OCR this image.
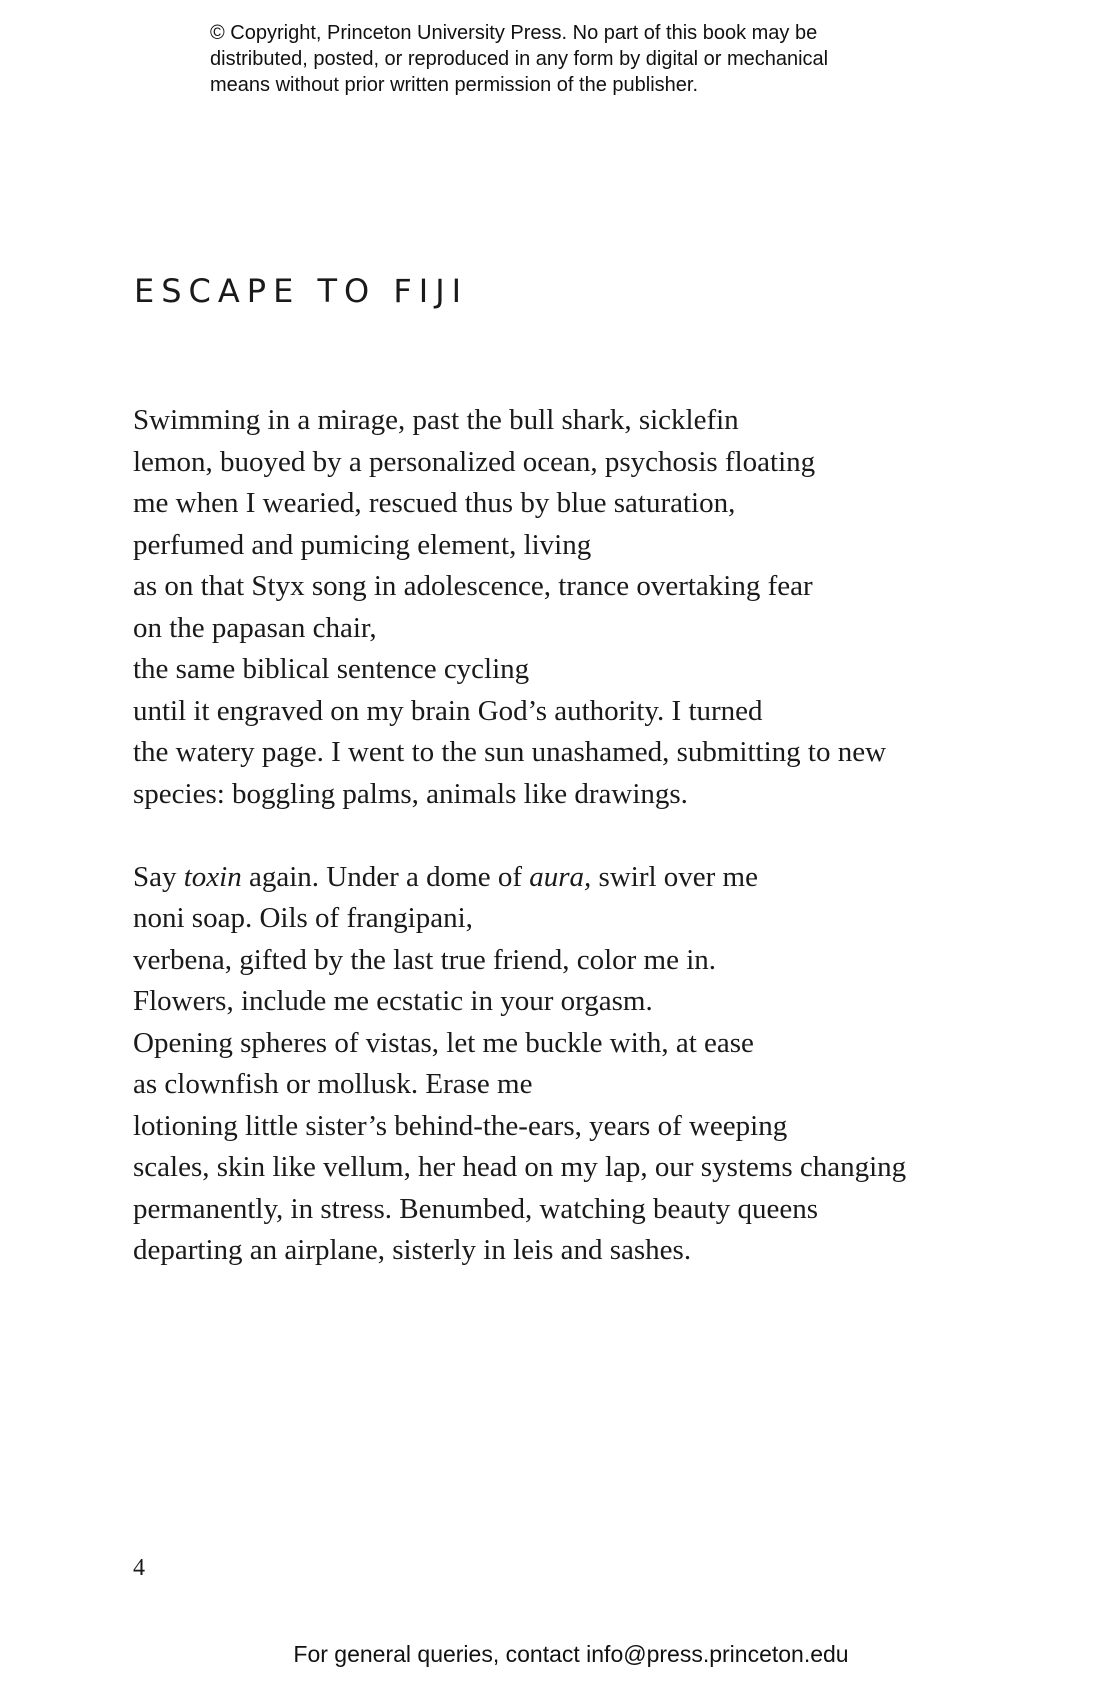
© Copyright, Princeton University Press. No part of this book may be
distributed, posted, or reproduced in any form by digital or mechanical
means without prior written permission of the publisher.
ESCAPE TO FIJI
Swimming in a mirage, past the bull shark, sicklefin
lemon, buoyed by a personalized ocean, psychosis floating
me when I wearied, rescued thus by blue saturation,
perfumed and pumicing element, living
as on that Styx song in adolescence, trance overtaking fear
on the papasan chair,
the same biblical sentence cycling
until it engraved on my brain God’s authority. I turned
the watery page. I went to the sun unashamed, submitting to new
species: boggling palms, animals like drawings.
Say toxin again. Under a dome of aura, swirl over me
noni soap. Oils of frangipani,
verbena, gifted by the last true friend, color me in.
Flowers, include me ecstatic in your orgasm.
Opening spheres of vistas, let me buckle with, at ease
as clownfish or mollusk. Erase me
lotioning little sister’s behind-the-ears, years of weeping
scales, skin like vellum, her head on my lap, our systems changing
permanently, in stress. Benumbed, watching beauty queens
departing an airplane, sisterly in leis and sashes.
4
For general queries, contact info@press.princeton.edu
